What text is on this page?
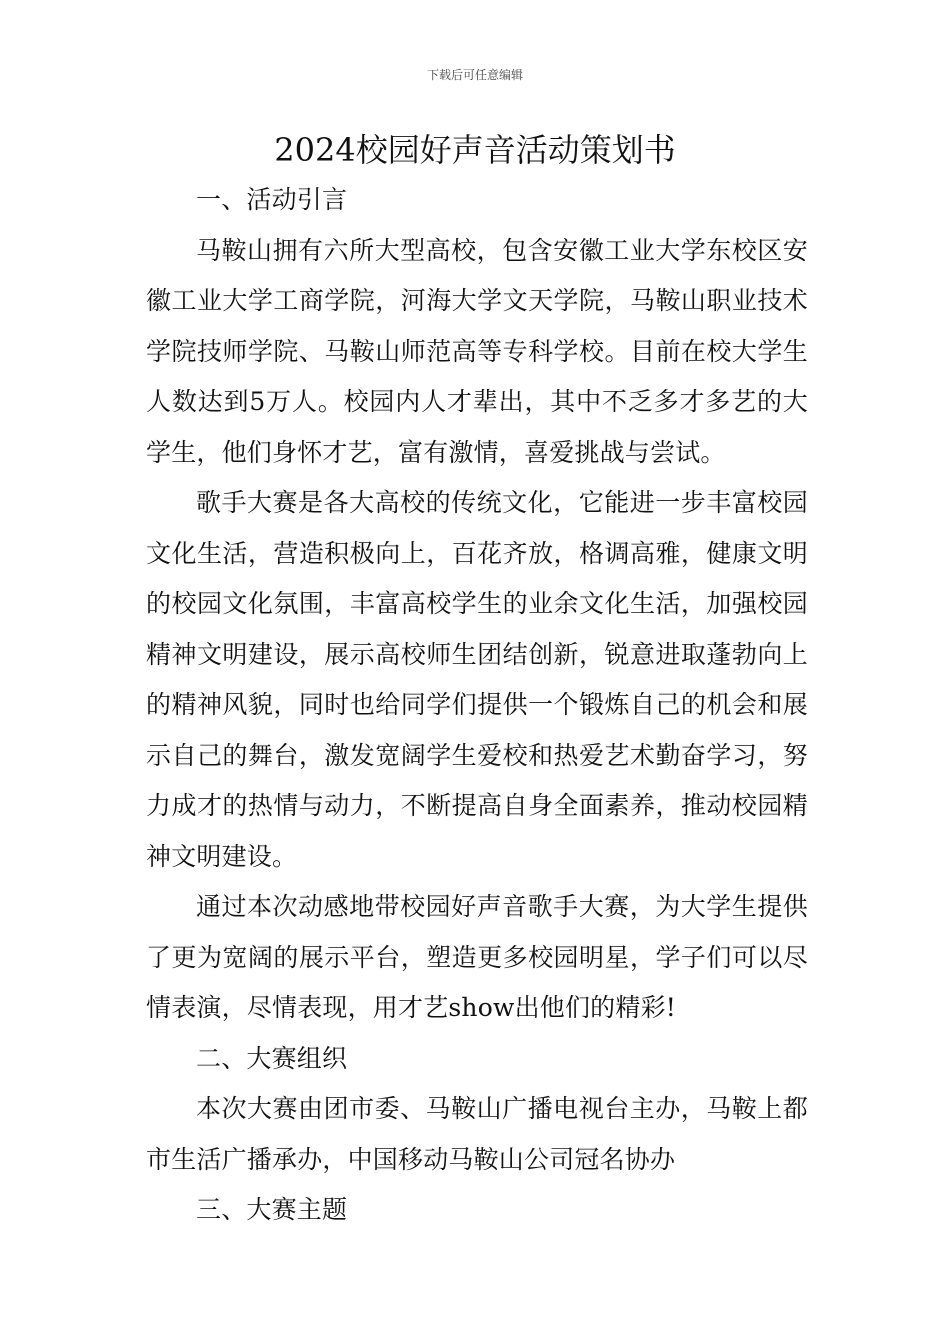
下载后可任意编辑
2024校园好声音活动策划书

一、活动引言

马鞍山拥有六所大型高校，包含安徽工业大学东校区安徽工业大学工商学院，河海大学文天学院，马鞍山职业技术学院技师学院、马鞍山师范高等专科学校。目前在校大学生人数达到5万人。校园内人才辈出，其中不乏多才多艺的大学生，他们身怀才艺，富有激情，喜爱挑战与尝试。

歌手大赛是各大高校的传统文化，它能进一步丰富校园文化生活，营造积极向上，百花齐放，格调高雅，健康文明的校园文化氛围，丰富高校学生的业余文化生活，加强校园精神文明建设，展示高校师生团结创新，锐意进取蓬勃向上的精神风貌，同时也给同学们提供一个锻炼自己的机会和展示自己的舞台，激发宽阔学生爱校和热爱艺术勤奋学习，努力成才的热情与动力，不断提高自身全面素养，推动校园精神文明建设。

通过本次动感地带校园好声音歌手大赛，为大学生提供了更为宽阔的展示平台，塑造更多校园明星，学子们可以尽情表演，尽情表现，用才艺show出他们的精彩!

二、大赛组织

本次大赛由团市委、马鞍山广播电视台主办，马鞍上都市生活广播承办，中国移动马鞍山公司冠名协办

三、大赛主题
